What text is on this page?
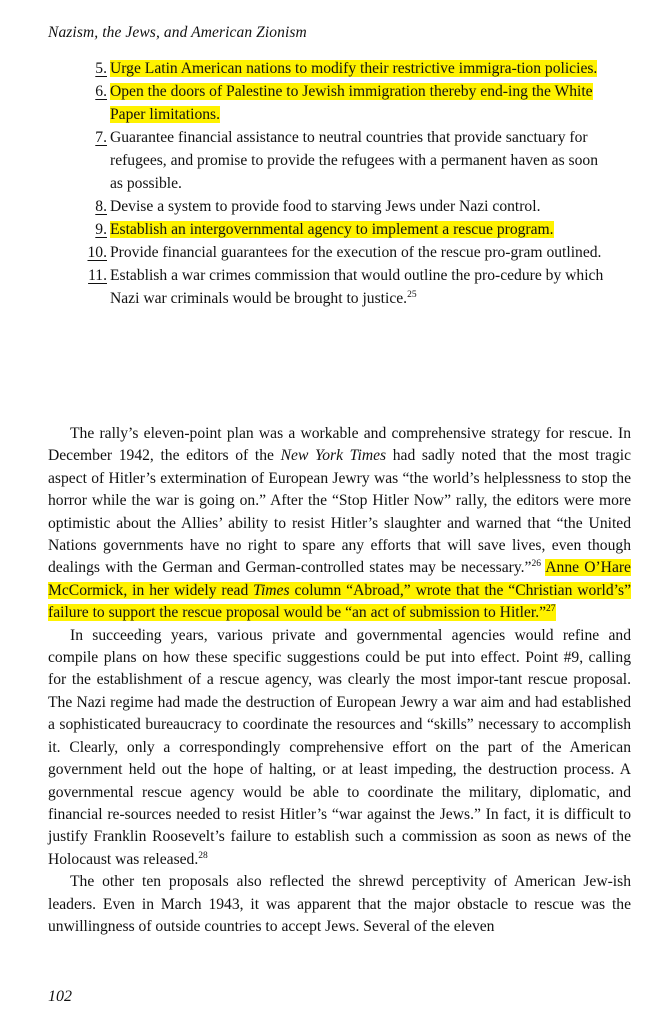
Nazism, the Jews, and American Zionism
5. Urge Latin American nations to modify their restrictive immigra-tion policies.
6. Open the doors of Palestine to Jewish immigration thereby end-ing the White Paper limitations.
7. Guarantee financial assistance to neutral countries that provide sanctuary for refugees, and promise to provide the refugees with a permanent haven as soon as possible.
8. Devise a system to provide food to starving Jews under Nazi control.
9. Establish an intergovernmental agency to implement a rescue program.
10. Provide financial guarantees for the execution of the rescue pro-gram outlined.
11. Establish a war crimes commission that would outline the pro-cedure by which Nazi war criminals would be brought to justice.$^{25}$

The rally’s eleven-point plan was a workable and comprehensive strategy for rescue. In December 1942, the editors of the New York Times had sadly noted that the most tragic aspect of Hitler’s extermination of European Jewry was “the world’s helplessness to stop the horror while the war is going on.” After the “Stop Hitler Now” rally, the editors were more optimistic about the Allies’ ability to resist Hitler’s slaughter and warned that “the United Nations governments have no right to spare any efforts that will save lives, even though dealings with the German and German-controlled states may be necessary.”$^{26}$ Anne O’Hare McCormick, in her widely read Times column “Abroad,” wrote that the “Christian world’s” failure to support the rescue proposal would be “an act of submission to Hitler.”$^{27}$

In succeeding years, various private and governmental agencies would refine and compile plans on how these specific suggestions could be put into effect. Point #9, calling for the establishment of a rescue agency, was clearly the most impor-tant rescue proposal. The Nazi regime had made the destruction of European Jewry a war aim and had established a sophisticated bureaucracy to coordinate the resources and “skills” necessary to accomplish it. Clearly, only a correspondingly comprehensive effort on the part of the American government held out the hope of halting, or at least impeding, the destruction process. A governmental rescue agency would be able to coordinate the military, diplomatic, and financial re-sources needed to resist Hitler’s “war against the Jews.” In fact, it is difficult to justify Franklin Roosevelt’s failure to establish such a commission as soon as news of the Holocaust was released.$^{28}$

The other ten proposals also reflected the shrewd perceptivity of American Jew-ish leaders. Even in March 1943, it was apparent that the major obstacle to rescue was the unwillingness of outside countries to accept Jews. Several of the eleven

102
